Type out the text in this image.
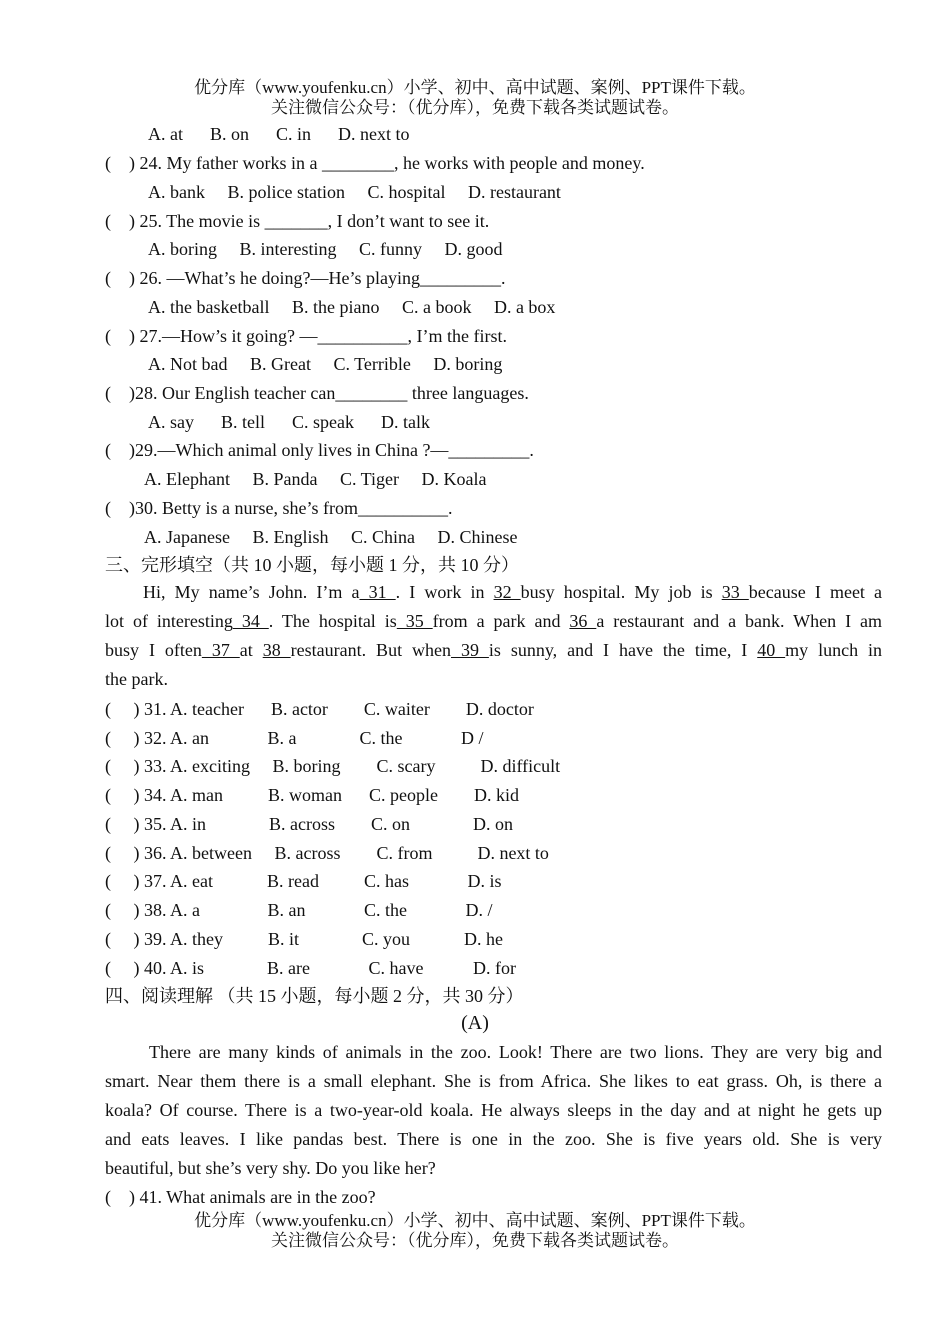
优分库（www.youfenku.cn）小学、初中、高中试题、案例、PPT课件下载。
关注微信公众号：（优分库），免费下载各类试题试卷。
A. at      B. on      C. in      D. next to
(    ) 24. My father works in a ________, he works with people and money.
A. bank     B. police station     C. hospital     D. restaurant
(    ) 25. The movie is _______, I don’t want to see it.
A. boring     B. interesting     C. funny     D. good
(    ) 26. —What’s he doing?—He’s playing_________.
A. the basketball     B. the piano     C. a book     D. a box
(    ) 27.—How’s it going? —__________, I’m the first.
A. Not bad     B. Great     C. Terrible     D. boring
(    )28. Our English teacher can________ three languages.
A. say      B. tell      C. speak      D. talk
(    )29.—Which animal only lives in China ?—_________.
A. Elephant     B. Panda     C. Tiger     D. Koala
(    )30. Betty is a nurse, she’s from__________.
A. Japanese     B. English     C. China     D. Chinese
三、完形填空（共 10 小题，每小题 1 分，共 10 分）
Hi, My name’s John. I’m a 31 . I work in 32 busy hospital. My job is 33 because I meet a
lot of interesting 34 . The hospital is 35 from a park and 36 a restaurant and a bank. When I am
busy I often 37 at 38 restaurant. But when 39 is sunny, and I have the time, I 40 my lunch in
the park.
(     ) 31. A. teacher      B. actor        C. waiter        D. doctor
(     ) 32. A. an             B. a              C. the             D /
(     ) 33. A. exciting     B. boring        C. scary          D. difficult
(     ) 34. A. man          B. woman      C. people        D. kid
(     ) 35. A. in              B. across        C. on              D. on
(     ) 36. A. between     B. across        C. from          D. next to
(     ) 37. A. eat            B. read          C. has             D. is
(     ) 38. A. a               B. an             C. the             D. /
(     ) 39. A. they          B. it              C. you            D. he
(     ) 40. A. is              B. are             C. have           D. for
四、阅读理解 （共 15 小题，每小题 2 分，共 30 分）
(A)
There are many kinds of animals in the zoo. Look! There are two lions. They are very big and
smart. Near them there is a small elephant. She is from Africa. She likes to eat grass. Oh, is there a
koala? Of course. There is a two-year-old koala. He always sleeps in the day and at night he gets up
and eats leaves. I like pandas best. There is one in the zoo. She is five years old. She is very
beautiful, but she’s very shy. Do you like her?
(    ) 41. What animals are in the zoo?
优分库（www.youfenku.cn）小学、初中、高中试题、案例、PPT课件下载。
关注微信公众号：（优分库），免费下载各类试题试卷。
